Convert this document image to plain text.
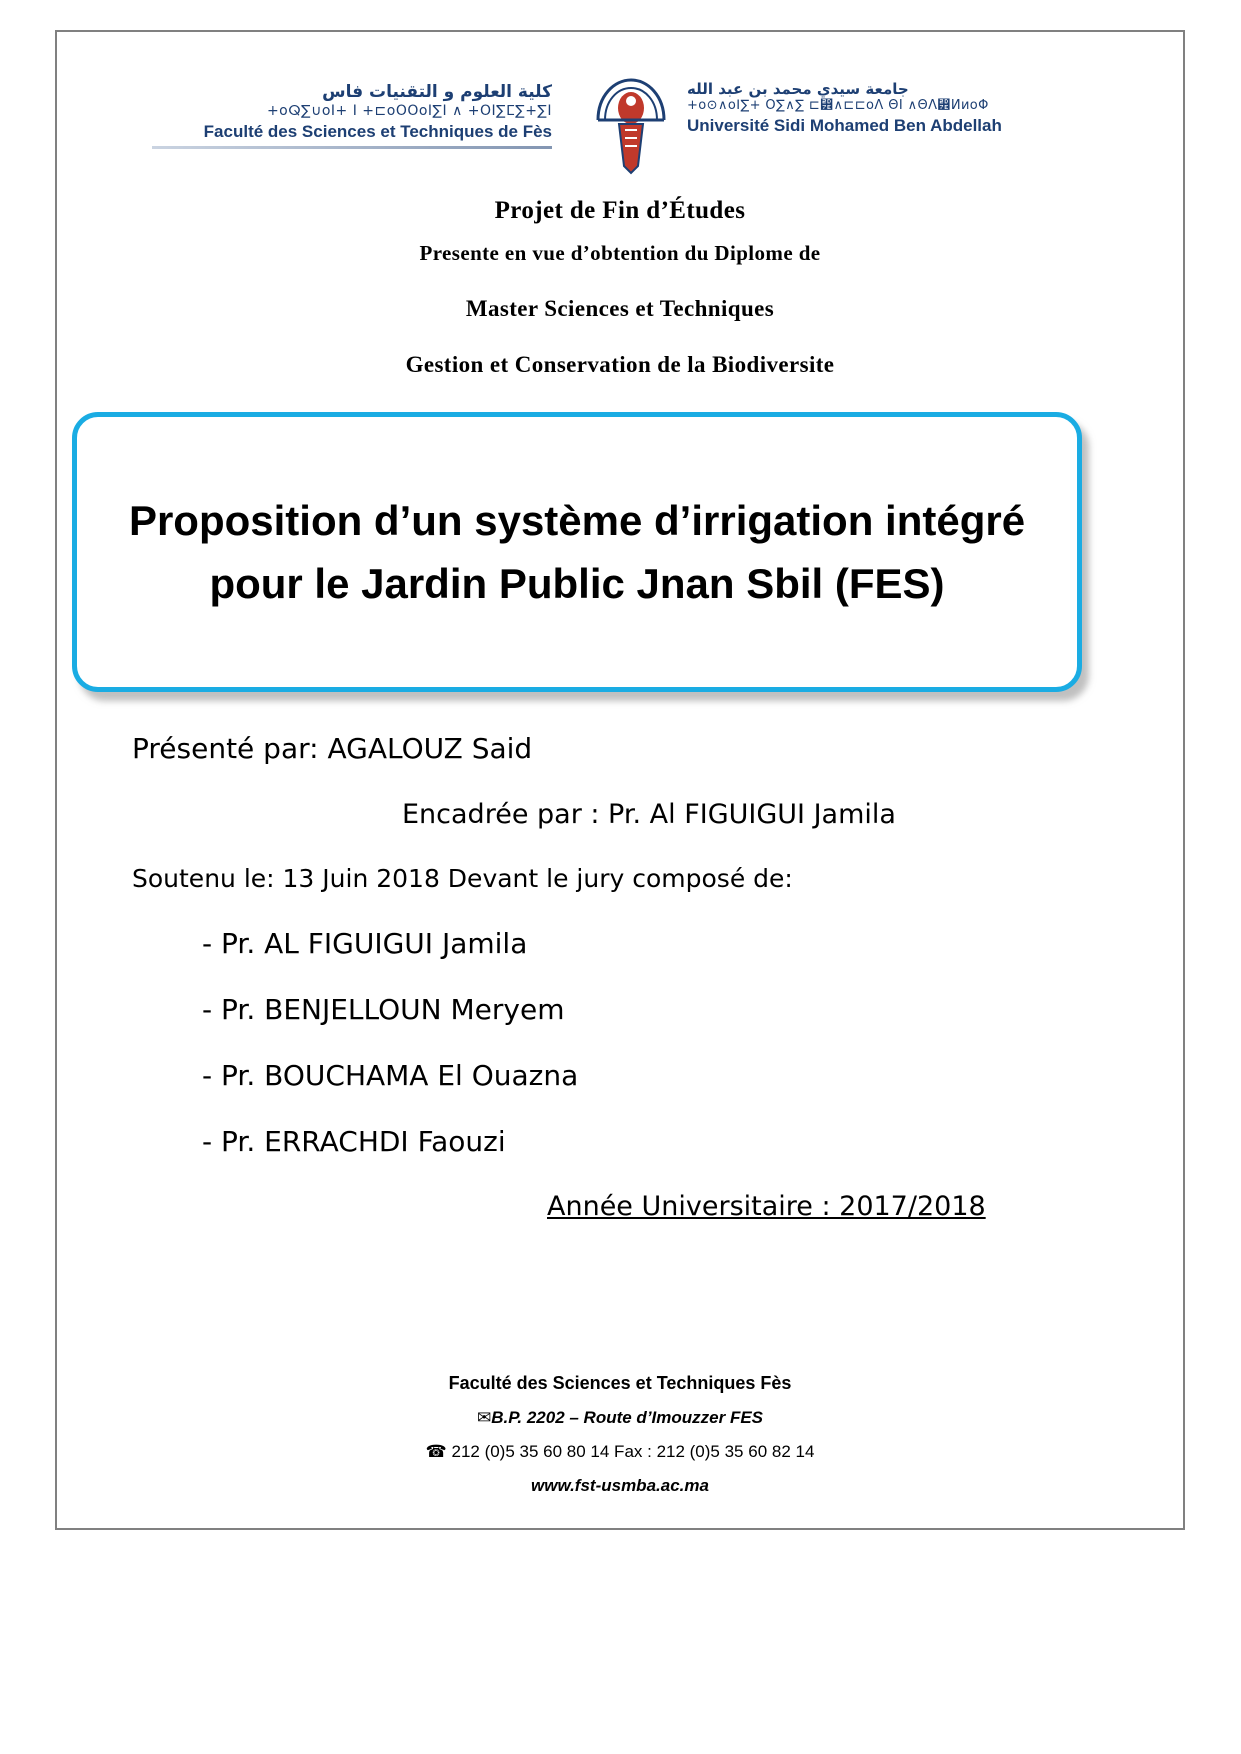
كلية العلوم و التقنيات فاس
+oⵕ∑∪oI+ I +⊏oOOoI∑I ∧ +OI∑ⵎ∑+∑I
Faculté des Sciences et Techniques de Fès
جامعة سيدي محمد بن عبد الله
+o⊙∧oⵏ∑+ O∑∧∑ ⊏⵾∧⊏⊏oΛ ΘI ∧ΘΛ⵾ИиoΦ
Université Sidi Mohamed Ben Abdellah
Projet de Fin d’Études
Presente en vue d’obtention du Diplome de
Master Sciences et Techniques
Gestion et Conservation de la Biodiversite
Proposition d’un système d’irrigation intégré pour le Jardin Public Jnan Sbil (FES)
Présenté par: AGALOUZ Said
Encadrée par : Pr. Al FIGUIGUI Jamila
Soutenu le: 13 Juin 2018 Devant le jury composé de:
- Pr. AL FIGUIGUI Jamila
- Pr. BENJELLOUN Meryem
- Pr. BOUCHAMA El Ouazna
- Pr. ERRACHDI Faouzi
Année Universitaire : 2017/2018
Faculté des Sciences et Techniques Fès
✉B.P. 2202 – Route d’Imouzzer FES
☎ 212 (0)5 35 60 80 14 Fax : 212 (0)5 35 60 82 14
www.fst-usmba.ac.ma
